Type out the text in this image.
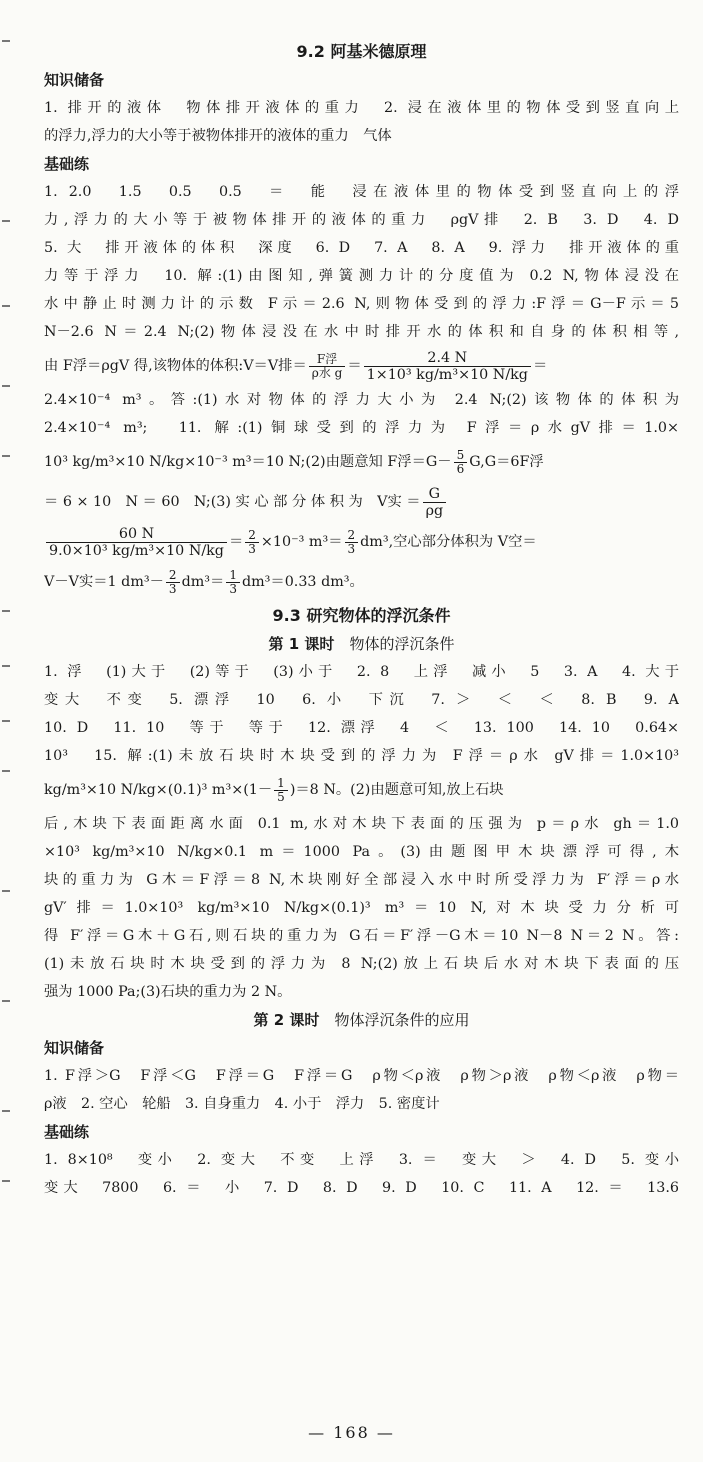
9.2 阿基米德原理
知识储备

1. 排开的液体　物体排开液体的重力　2. 浸在液体里的物体受到竖直向上

的浮力,浮力的大小等于被物体排开的液体的重力　气体

基础练

1. 2.0　1.5　0.5　0.5　＝　能　浸在液体里的物体受到竖直向上的浮

力,浮力的大小等于被物体排开的液体的重力　ρgV排　2. B　3. D　4. D

5. 大　排开液体的体积　深度　6. D　7. A　8. A　9. 浮力　排开液体的重

力等于浮力　10. 解:(1)由图知,弹簧测力计的分度值为 0.2 N,物体浸没在

水中静止时测力计的示数 F示＝2.6 N,则物体受到的浮力:F浮＝G－F示＝5

N－2.6 N＝2.4 N;(2)物体浸没在水中时排开水的体积和自身的体积相等,

由 F浮＝ρgV 得,该物体的体积:V＝V排＝ $\frac{\text{F浮}}{\text{ρ水 g}} = \frac{2.4 N}{\text{1×10³ kg/m³×10 N/kg}}$ ＝

2.4×10⁻⁴ m³。答:(1)水对物体的浮力大小为 2.4 N;(2)该物体的体积为

2.4×10⁻⁴ m³;　11. 解:(1)铜球受到的浮力为 F浮＝ρ水gV排＝1.0×

10³ kg/m³×10 N/kg×10⁻³ m³＝10 N;(2)由题意知 F浮$=G- \frac{5}{6} G,G=6F$浮

＝ 6 × 10　N ＝ 60　N;(3) 实 心 部 分 体 积 为　V实 ＝ $\frac{G}{\rho g}$

$\frac{60 N}{\text{9.0×10³ kg/m³×10 N/kg}} = \frac{2}{3} \times 10^{-3}$ $m^3= \frac{2}{3} dm^3$,空心部分体积为 V空＝

V－V实＝1 $dm^3- \frac{2}{3} dm^3= \frac{1}{3} dm^3=0.33$ dm³。

9.3 研究物体的浮沉条件
第 1 课时　 物体的浮沉条件

1. 浮　(1)大于　(2)等于　(3)小于　2. 8　上浮　减小　5　3. A　4. 大于

变大　不变　5. 漂浮　10　6. 小　下沉　7. ＞　＜　＜　8. B　9. A

10. D　11. 10　等于　等于　12. 漂浮　4　＜　13. 100　14. 10　0.64×

10³　15. 解:(1)未放石块时木块受到的浮力为 F浮＝ρ水 gV排＝1.0×10³

kg/m³×10 N/kg×(0.1)³ $m^3\times(1- \frac{1}{5} )=8$ N。(2)由题意可知,放上石块

后,木块下表面距离水面 0.1 m,水对木块下表面的压强为 p＝ρ水 gh＝1.0

×10³ kg/m³×10 N/kg×0.1 m＝1000 Pa。(3)由题图甲木块漂浮可得,木

块的重力为 G木＝F浮＝8 N,木块刚好全部浸入水中时所受浮力为 F′浮＝ρ水

gV′排＝1.0×10³ kg/m³×10 N/kg×(0.1)³ m³＝10 N,对木块受力分析可

得 F′浮＝G木＋G石,则石块的重力为 G石＝F′浮－G木＝10 N－8 N＝2 N。答:

(1)未放石块时木块受到的浮力为 8 N;(2)放上石块后水对木块下表面的压

强为 1000 Pa;(3)石块的重力为 2 N。

第 2 课时　 物体浮沉条件的应用
知识储备

1. F浮＞G　F浮＜G　F浮＝G　F浮＝G　ρ物＜ρ液　ρ物＞ρ液　ρ物＜ρ液　ρ物＝

ρ液　2. 空心　轮船　3. 自身重力　4. 小于　浮力　5. 密度计

基础练

1. 8×10⁸　变小　2. 变大　不变　上浮　3. ＝　变大　＞　4. D　5. 变小

变大　7800　6. ＝　小　7. D　8. D　9. D　10. C　11. A　12. ＝　13.6

— 168 —
